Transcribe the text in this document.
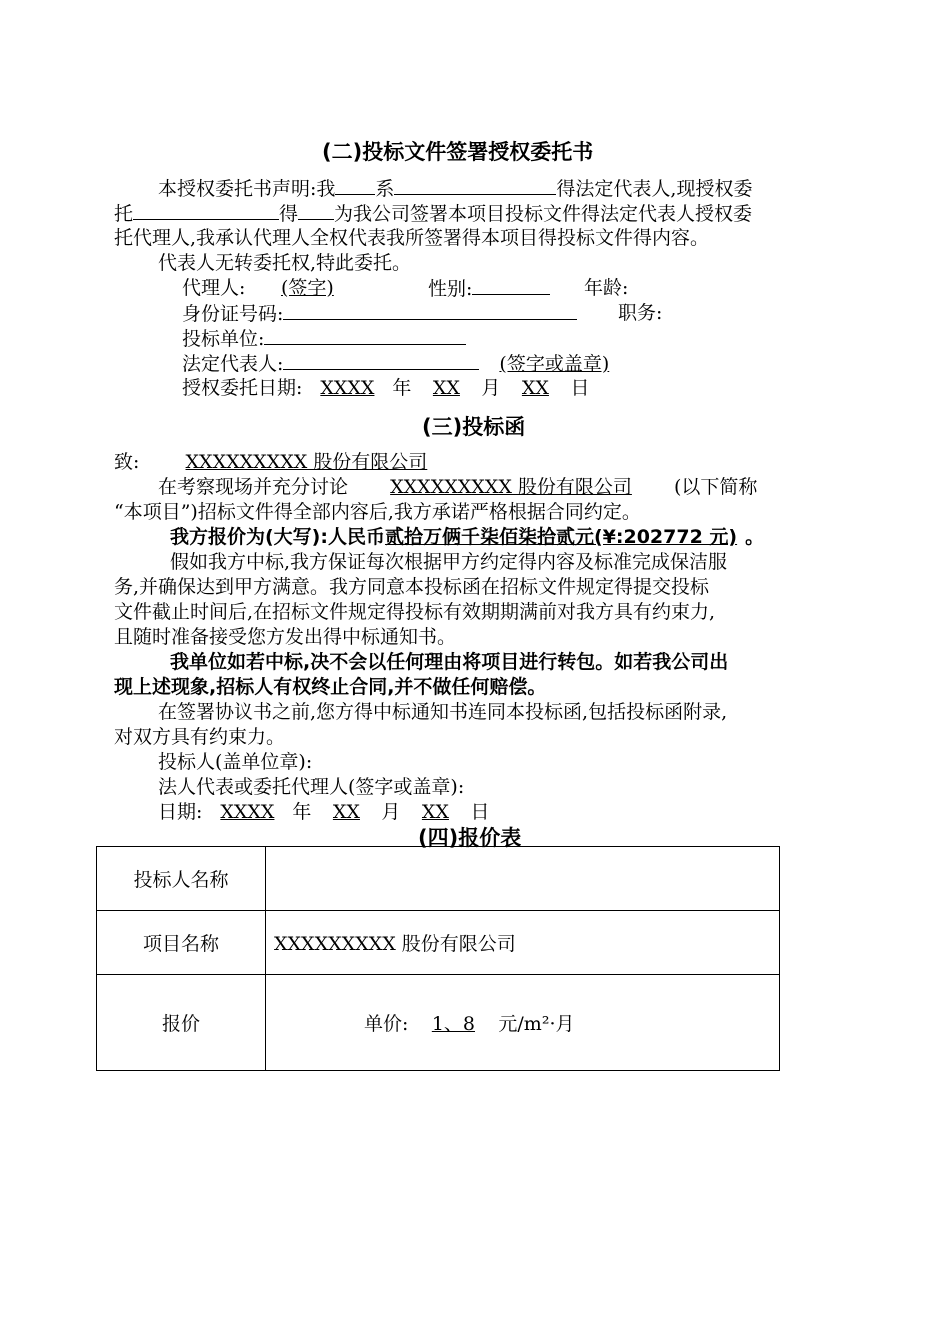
(二)投标文件签署授权委托书
本授权委托书声明:我 系	得法定代表人,现授权委
托	得 为我公司签署本项目投标文件得法定代表人授权委
托代理人,我承认代理人全权代表我所签署得本项目得投标文件得内容。
代表人无转委托权,特此委托。
代理人: (签字)	性别:	年龄:
身份证号码:	职务:
投标单位:
法定代表人:	(签字或盖章)
授权委托日期: XXXX 年 XX 月 XX 日
(三)投标函
致: XXXXXXXXX 股份有限公司
在考察现场并充分讨论 XXXXXXXXX 股份有限公司 (以下简称
“本项目”)招标文件得全部内容后,我方承诺严格根据合同约定。
我方报价为(大写):人民币贰拾万俩千柒佰柒拾贰元(¥:202772 元) 。
假如我方中标,我方保证每次根据甲方约定得内容及标准完成保洁服
务,并确保达到甲方满意。我方同意本投标函在招标文件规定得提交投标
文件截止时间后,在招标文件规定得投标有效期期满前对我方具有约束力,
且随时准备接受您方发出得中标通知书。
我单位如若中标,决不会以任何理由将项目进行转包。如若我公司出
现上述现象,招标人有权终止合同,并不做任何赔偿。
在签署协议书之前,您方得中标通知书连同本投标函,包括投标函附录,
对双方具有约束力。
投标人(盖单位章):
法人代表或委托代理人(签字或盖章):
日期: XXXX 年 XX 月 XX 日
(四)报价表
投标人名称	
项目名称	XXXXXXXXX 股份有限公司
报价	单价: 1、8 元/m²·月
